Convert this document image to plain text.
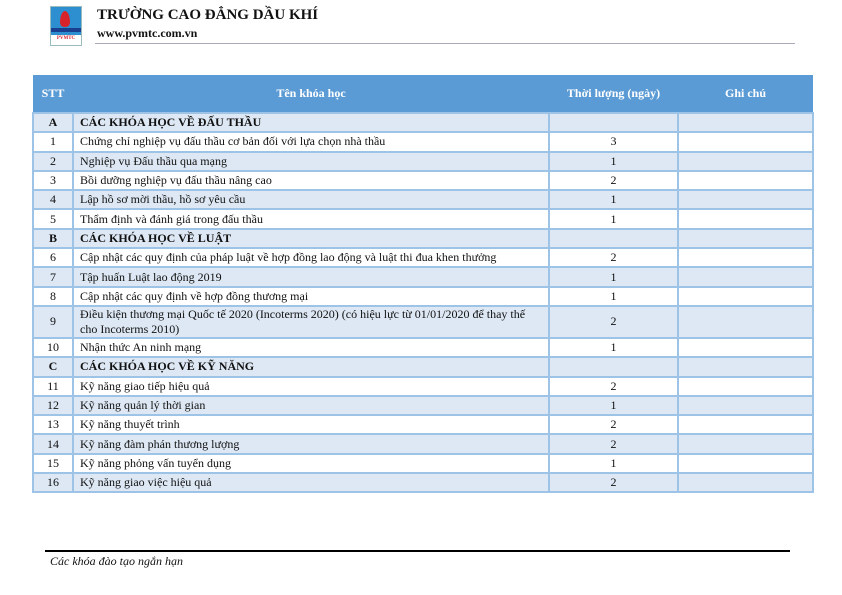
PVMTC
TRƯỜNG CAO ĐẲNG DẦU KHÍ
www.pvmtc.com.vn
STT	Tên khóa học	Thời lượng (ngày)	Ghi chú
A	CÁC KHÓA HỌC VỀ ĐẤU THẦU		
1	Chứng chỉ nghiệp vụ đấu thầu cơ bản đối với lựa chọn nhà thầu	3	
2	Nghiệp vụ Đấu thầu qua mạng	1	
3	Bồi dưỡng nghiệp vụ đấu thầu nâng cao	2	
4	Lập hồ sơ mời thầu, hồ sơ yêu cầu	1	
5	Thẩm định và đánh giá trong đấu thầu	1	
B	CÁC KHÓA HỌC VỀ LUẬT		
6	Cập nhật các quy định của pháp luật về hợp đồng lao động và luật thi đua khen thưởng	2	
7	Tập huấn Luật lao động 2019	1	
8	Cập nhật các quy định về hợp đồng thương mại	1	
9	Điều kiện thương mại Quốc tế 2020 (Incoterms 2020) (có hiệu lực từ 01/01/2020 để thay thế cho Incoterms 2010)	2	
10	Nhận thức An ninh mạng	1	
C	CÁC KHÓA HỌC VỀ KỸ NĂNG		
11	Kỹ năng giao tiếp hiệu quả	2	
12	Kỹ năng quản lý thời gian	1	
13	Kỹ năng thuyết trình	2	
14	Kỹ năng đàm phán thương lượng	2	
15	Kỹ năng phỏng vấn tuyển dụng	1	
16	Kỹ năng giao việc hiệu quả	2	
Các khóa đào tạo ngắn hạn
